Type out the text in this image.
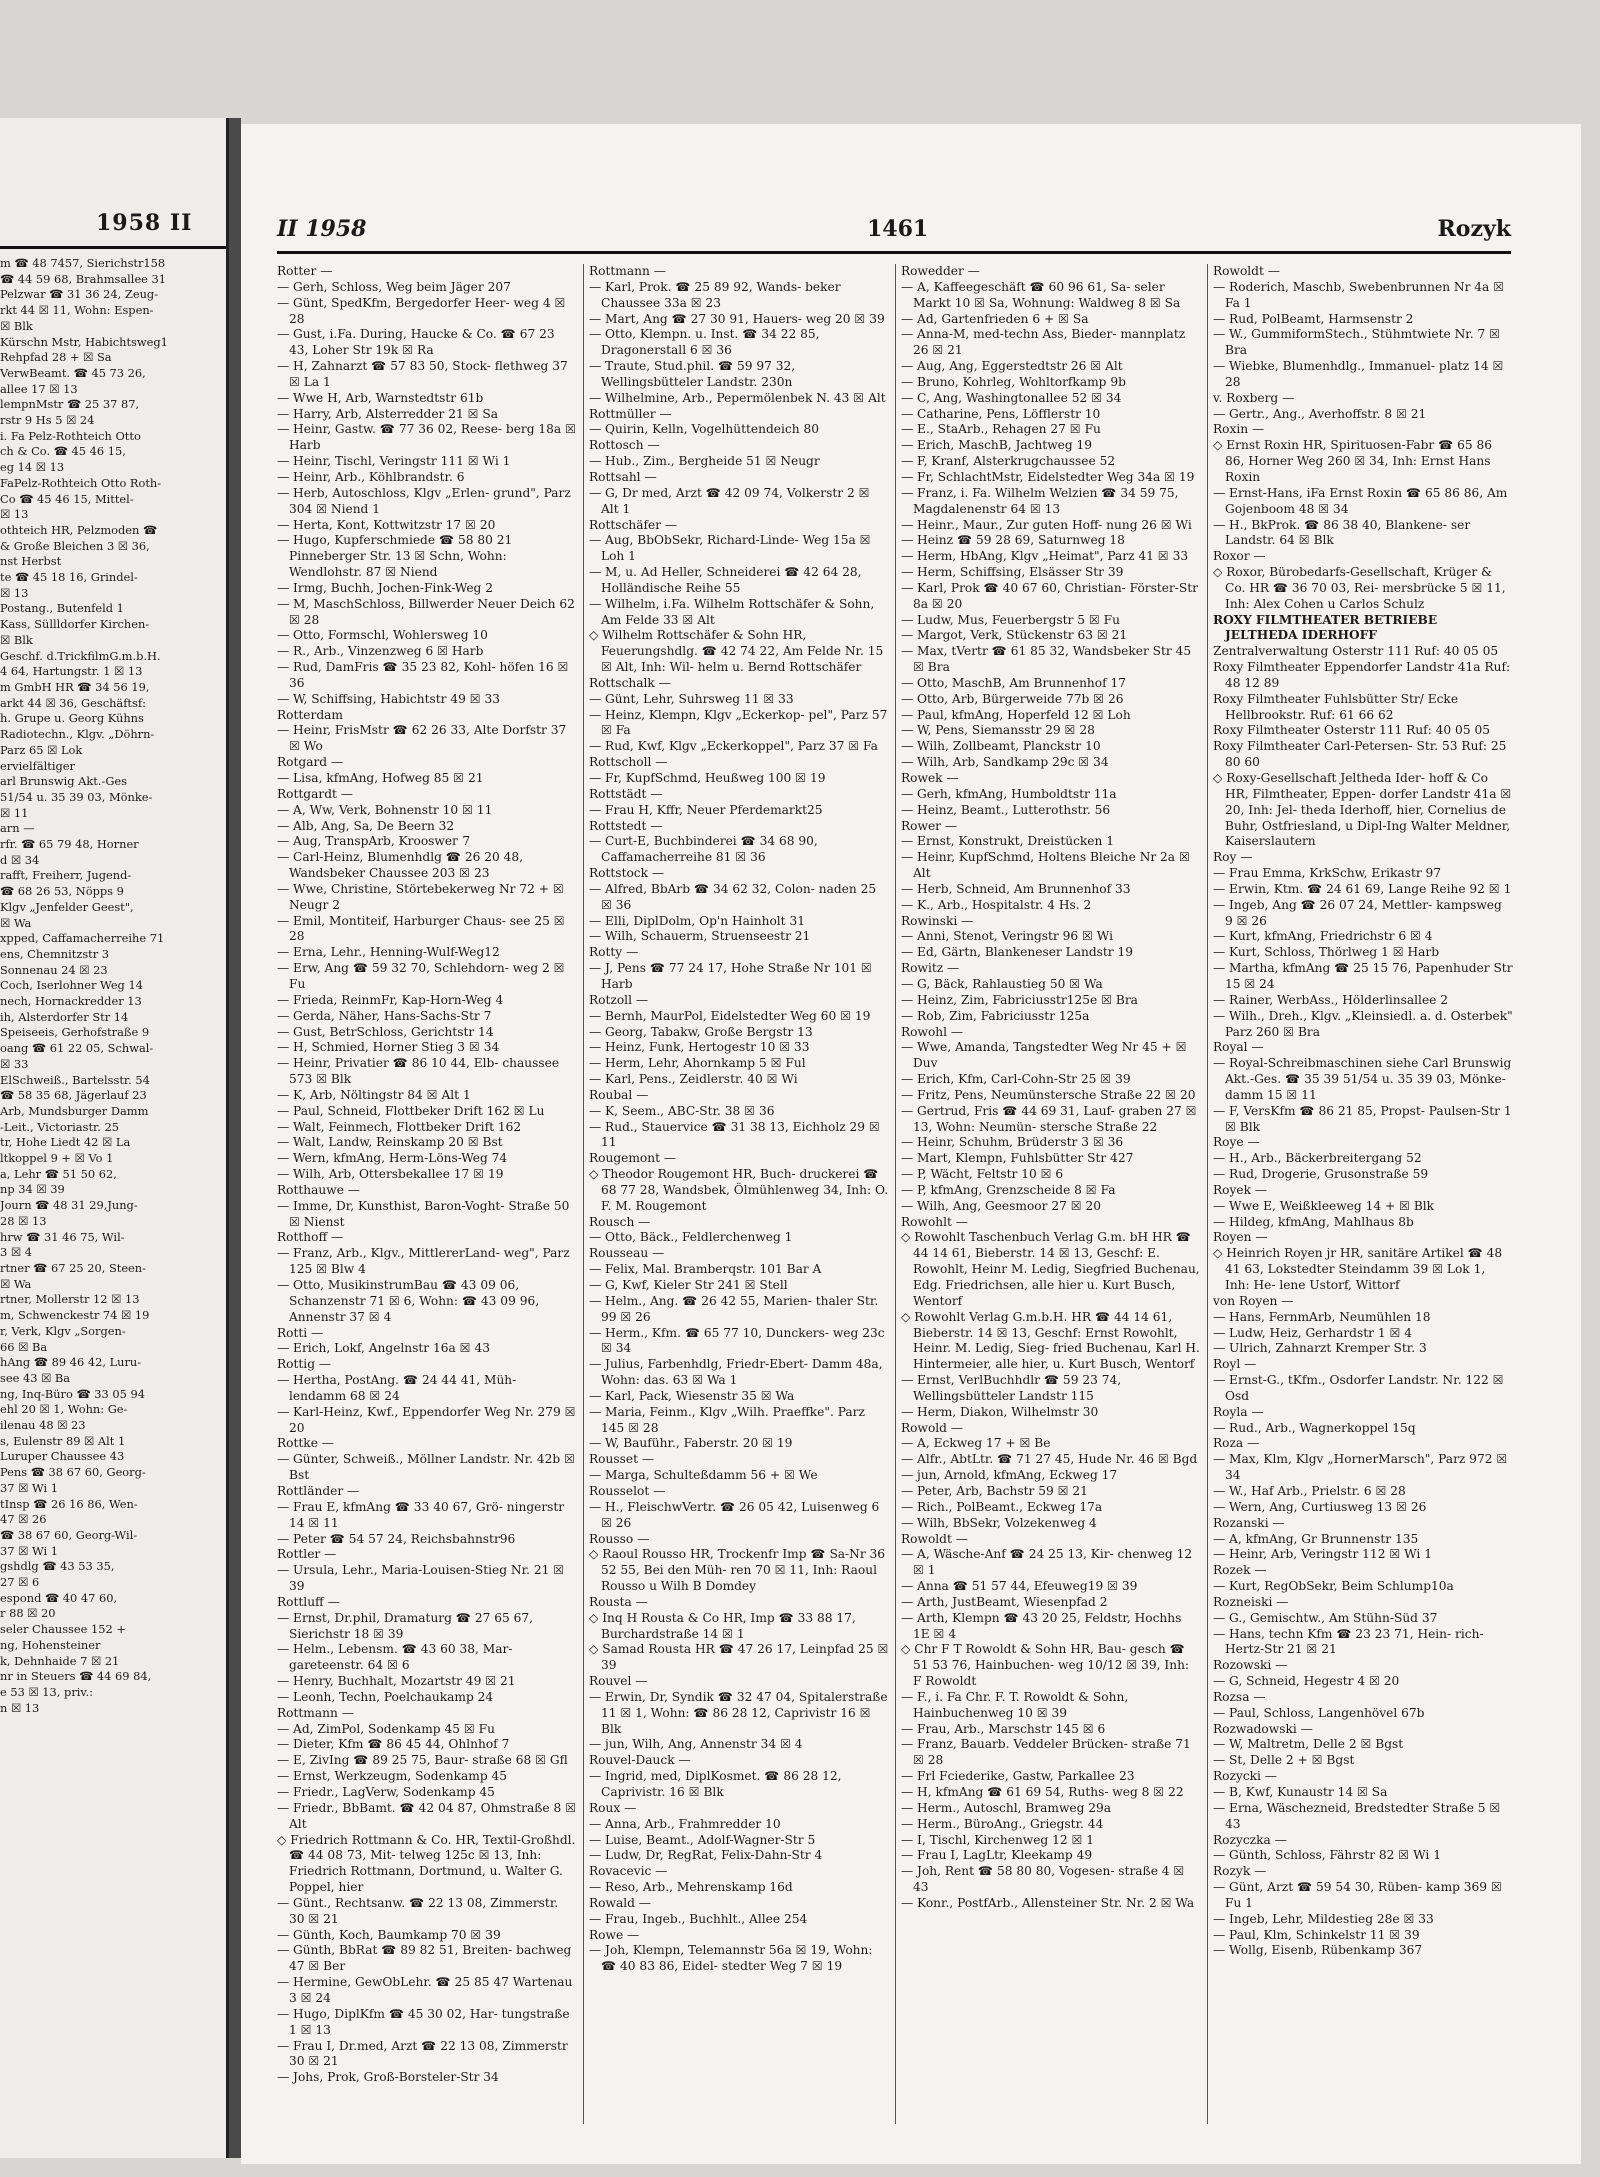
1958 II
m ☎ 48 7457, Sierichstr158
☎ 44 59 68, Brahmsallee 31
Pelzwar ☎ 31 36 24, Zeug-
rkt 44 ☒ 11, Wohn: Espen-
☒ Blk
Kürschn Mstr, Habichtsweg1
Rehpfad 28 + ☒ Sa
VerwBeamt. ☎ 45 73 26,
allee 17 ☒ 13
lempnMstr ☎ 25 37 87,
rstr 9 Hs 5 ☒ 24
i. Fa Pelz-Rothteich Otto
ch & Co. ☎ 45 46 15,
eg 14 ☒ 13
FaPelz-Rothteich Otto Roth-
Co ☎ 45 46 15, Mittel-
☒ 13
othteich HR, Pelzmoden ☎
& Große Bleichen 3 ☒ 36,
nst Herbst
te ☎ 45 18 16, Grindel-
☒ 13
Postang., Butenfeld 1
Kass, Süllldorfer Kirchen-
☒ Blk
Geschf. d.TrickfilmG.m.b.H.
4 64, Hartungstr. 1 ☒ 13
m GmbH HR ☎ 34 56 19,
arkt 44 ☒ 36, Geschäftsf:
h. Grupe u. Georg Kühns
Radiotechn., Klgv. „Döhrn-
Parz 65 ☒ Lok
ervielfältiger
arl Brunswig Akt.-Ges
51/54 u. 35 39 03, Mönke-
☒ 11
arn —
rfr. ☎ 65 79 48, Horner
d ☒ 34
rafft, Freiherr, Jugend-
☎ 68 26 53, Nöpps 9
Klgv „Jenfelder Geest",
☒ Wa
xpped, Caffamacherreihe 71
ens, Chemnitzstr 3
Sonnenau 24 ☒ 23
Coch, Iserlohner Weg 14
nech, Hornackredder 13
ih, Alsterdorfer Str 14
Speiseeis, Gerhofstraße 9
oang ☎ 61 22 05, Schwal-
☒ 33
ElSchweiß., Bartelsstr. 54
☎ 58 35 68, Jägerlauf 23
Arb, Mundsburger Damm
-Leit., Victoriastr. 25
tr, Hohe Liedt 42 ☒ La
ltkoppel 9 + ☒ Vo 1
a, Lehr ☎ 51 50 62,
np 34 ☒ 39
Journ ☎ 48 31 29,Jung-
28 ☒ 13
hrw ☎ 31 46 75, Wil-
3 ☒ 4
rtner ☎ 67 25 20, Steen-
☒ Wa
rtner, Mollerstr 12 ☒ 13
m, Schwenckestr 74 ☒ 19
r, Verk, Klgv „Sorgen-
66 ☒ Ba
hAng ☎ 89 46 42, Luru-
see 43 ☒ Ba
ng, Inq-Büro ☎ 33 05 94
ehl 20 ☒ 1, Wohn: Ge-
ilenau 48 ☒ 23
s, Eulenstr 89 ☒ Alt 1
Luruper Chaussee 43
Pens ☎ 38 67 60, Georg-
37 ☒ Wi 1
tInsp ☎ 26 16 86, Wen-
47 ☒ 26
☎ 38 67 60, Georg-Wil-
37 ☒ Wi 1
gshdlg ☎ 43 53 35,
27 ☒ 6
espond ☎ 40 47 60,
r 88 ☒ 20
seler Chaussee 152 +
ng, Hohensteiner
k, Dehnhaide 7 ☒ 21
nr in Steuers ☎ 44 69 84,
e 53 ☒ 13, priv.:
n ☒ 13
II 1958	1461	Rozyk

Rotter —

— Gerh, Schloss, Weg beim Jäger 207

— Günt, SpedKfm, Bergedorfer Heer- weg 4 ☒ 28

— Gust, i.Fa. During, Haucke & Co. ☎ 67 23 43, Loher Str 19k ☒ Ra

— H, Zahnarzt ☎ 57 83 50, Stock- flethweg 37 ☒ La 1

— Wwe H, Arb, Warnstedtstr 61b

— Harry, Arb, Alsterredder 21 ☒ Sa

— Heinr, Gastw. ☎ 77 36 02, Reese- berg 18a ☒ Harb

— Heinr, Tischl, Veringstr 111 ☒ Wi 1

— Heinr, Arb., Köhlbrandstr. 6

— Herb, Autoschloss, Klgv „Erlen- grund", Parz 304 ☒ Niend 1

— Herta, Kont, Kottwitzstr 17 ☒ 20

— Hugo, Kupferschmiede ☎ 58 80 21 Pinneberger Str. 13 ☒ Schn, Wohn: Wendlohstr. 87 ☒ Niend

— Irmg, Buchh, Jochen-Fink-Weg 2

— M, MaschSchloss, Billwerder Neuer Deich 62 ☒ 28

— Otto, Formschl, Wohlersweg 10

— R., Arb., Vinzenzweg 6 ☒ Harb

— Rud, DamFris ☎ 35 23 82, Kohl- höfen 16 ☒ 36

— W, Schiffsing, Habichtstr 49 ☒ 33

Rotterdam

— Heinr, FrisMstr ☎ 62 26 33, Alte Dorfstr 37 ☒ Wo

Rotgard —

— Lisa, kfmAng, Hofweg 85 ☒ 21

Rottgardt —

— A, Ww, Verk, Bohnenstr 10 ☒ 11

— Alb, Ang, Sa, De Beern 32

— Aug, TranspArb, Krooswег 7

— Carl-Heinz, Blumenhdlg ☎ 26 20 48, Wandsbeker Chaussee 203 ☒ 23

— Wwe, Christine, Störtebekerweg Nr 72 + ☒ Neugr 2

— Emil, Montiteif, Harburger Chaus- see 25 ☒ 28

— Erna, Lehr., Henning-Wulf-Weg12

— Erw, Ang ☎ 59 32 70, Schlehdorn- weg 2 ☒ Fu

— Frieda, ReinmFr, Kap-Horn-Weg 4

— Gerda, Näher, Hans-Sachs-Str 7

— Gust, BetrSchloss, Gerichtstr 14

— H, Schmied, Horner Stieg 3 ☒ 34

— Heinr, Privatier ☎ 86 10 44, Elb- chaussee 573 ☒ Blk

— K, Arb, Nöltingstr 84 ☒ Alt 1

— Paul, Schneid, Flottbeker Drift 162 ☒ Lu

— Walt, Feinmech, Flottbeker Drift 162

— Walt, Landw, Reinskamp 20 ☒ Bst

— Wern, kfmAng, Herm-Löns-Weg 74

— Wilh, Arb, Ottersbekallee 17 ☒ 19

Rotthauwe —

— Imme, Dr, Kunsthist, Baron-Voght- Straße 50 ☒ Nienst

Rotthoff —

— Franz, Arb., Klgv., MittlererLand- weg", Parz 125 ☒ Blw 4

— Otto, MusikinstrumBau ☎ 43 09 06, Schanzenstr 71 ☒ 6, Wohn: ☎ 43 09 96, Annenstr 37 ☒ 4

Rotti —

— Erich, Lokf, Angelnstr 16a ☒ 43

Rottig —

— Hertha, PostAng. ☎ 24 44 41, Müh- lendamm 68 ☒ 24

— Karl-Heinz, Kwf., Eppendorfer Weg Nr. 279 ☒ 20

Rottke —

— Günter, Schweiß., Möllner Landstr. Nr. 42b ☒ Bst

Rottländer —

— Frau E, kfmAng ☎ 33 40 67, Grö- ningerstr 14 ☒ 11

— Peter ☎ 54 57 24, Reichsbahnstr96

Rottler —

— Ursula, Lehr., Maria-Louisen-Stieg Nr. 21 ☒ 39

Rottluff —

— Ernst, Dr.phil, Dramaturg ☎ 27 65 67, Sierichstr 18 ☒ 39

— Helm., Lebensm. ☎ 43 60 38, Mar- gareteenstr. 64 ☒ 6

— Henry, Buchhalt, Mozartstr 49 ☒ 21

— Leonh, Techn, Poelchaukamp 24

Rottmann —

— Ad, ZimPol, Sodenkamp 45 ☒ Fu

— Dieter, Kfm ☎ 86 45 44, Ohlnhof 7

— E, ZivIng ☎ 89 25 75, Baur- straße 68 ☒ Gfl

— Ernst, Werkzeugm, Sodenkamp 45

— Friedr., LagVerw, Sodenkamp 45

— Friedr., BbBamt. ☎ 42 04 87, Ohmstraße 8 ☒ Alt

◇ Friedrich Rottmann & Co. HR, Textil-Großhdl. ☎ 44 08 73, Mit- telweg 125c ☒ 13, Inh: Friedrich Rottmann, Dortmund, u. Walter G. Poppel, hier

— Günt., Rechtsanw. ☎ 22 13 08, Zimmerstr. 30 ☒ 21

— Günth, Koch, Baumkamp 70 ☒ 39

— Günth, BbRat ☎ 89 82 51, Breiten- bachweg 47 ☒ Ber

— Hermine, GewObLehr. ☎ 25 85 47 Wartenau 3 ☒ 24

— Hugo, DiplKfm ☎ 45 30 02, Har- tungstraße 1 ☒ 13

— Frau I, Dr.med, Arzt ☎ 22 13 08, Zimmerstr 30 ☒ 21

— Johs, Prok, Groß-Borsteler-Str 34

Rottmann —

— Karl, Prok. ☎ 25 89 92, Wands- beker Chaussee 33a ☒ 23

— Mart, Ang ☎ 27 30 91, Hauers- weg 20 ☒ 39

— Otto, Klempn. u. Inst. ☎ 34 22 85, Dragonerstall 6 ☒ 36

— Traute, Stud.phil. ☎ 59 97 32, Wellingsbütteler Landstr. 230n

— Wilhelmine, Arb., Pepermölenbek N. 43 ☒ Alt

Rottmüller —

— Quirin, Kelln, Vogelhüttendeich 80

Rottosch —

— Hub., Zim., Bergheide 51 ☒ Neugr

Rottsahl —

— G, Dr med, Arzt ☎ 42 09 74, Volkerstr 2 ☒ Alt 1

Rottschäfer —

— Aug, BbObSekr, Richard-Linde- Weg 15a ☒ Loh 1

— M, u. Ad Heller, Schneiderei ☎ 42 64 28, Holländische Reihe 55

— Wilhelm, i.Fa. Wilhelm Rottschäfer & Sohn, Am Felde 33 ☒ Alt

◇ Wilhelm Rottschäfer & Sohn HR, Feuerungshdlg. ☎ 42 74 22, Am Felde Nr. 15 ☒ Alt, Inh: Wil- helm u. Bernd Rottschäfer

Rottschalk —

— Günt, Lehr, Suhrsweg 11 ☒ 33

— Heinz, Klempn, Klgv „Eckerkop- pel", Parz 57 ☒ Fa

— Rud, Kwf, Klgv „Eckerkoppel", Parz 37 ☒ Fa

Rottscholl —

— Fr, KupfSchmd, Heußweg 100 ☒ 19

Rottstädt —

— Frau H, Kffr, Neuer Pferdemarkt25

Rottstedt —

— Curt-E, Buchbinderei ☎ 34 68 90, Caffamacherreihe 81 ☒ 36

Rottstock —

— Alfred, BbArb ☎ 34 62 32, Colon- naden 25 ☒ 36

— Elli, DiplDolm, Op'n Hainholt 31

— Wilh, Schauerm, Struenseestr 21

Rotty —

— J, Pens ☎ 77 24 17, Hohe Straße Nr 101 ☒ Harb

Rotzoll —

— Bernh, MaurPol, Eidelstedter Weg 60 ☒ 19

— Georg, Tabakw, Große Bergstr 13

— Heinz, Funk, Hertogestr 10 ☒ 33

— Herm, Lehr, Ahornkamp 5 ☒ Ful

— Karl, Pens., Zeidlerstr. 40 ☒ Wi

Roubal —

— K, Seem., ABC-Str. 38 ☒ 36

— Rud., Stauervice ☎ 31 38 13, Eichholz 29 ☒ 11

Rougemont —

◇ Theodor Rougemont HR, Buch- druckerei ☎ 68 77 28, Wandsbek, Ölmühlenweg 34, Inh: O. F. M. Rougemont

Rousch —

— Otto, Bäck., Feldlerchenweg 1

Rousseau —

— Felix, Mal. Bramberqstr. 101 Bar A

— G, Kwf, Kieler Str 241 ☒ Stell

— Helm., Ang. ☎ 26 42 55, Marien- thaler Str. 99 ☒ 26

— Herm., Kfm. ☎ 65 77 10, Dunckers- weg 23c ☒ 34

— Julius, Farbenhdlg, Friedr-Ebert- Damm 48a, Wohn: das. 63 ☒ Wa 1

— Karl, Pack, Wiesenstr 35 ☒ Wa

— Maria, Feinm., Klgv „Wilh. Praeffke". Parz 145 ☒ 28

— W, Bauführ., Faberstr. 20 ☒ 19

Rousset —

— Marga, Schulteßdamm 56 + ☒ We

Rousselot —

— H., FleischwVertr. ☎ 26 05 42, Luisenweg 6 ☒ 26

Rousso —

◇ Raoul Rousso HR, Trockenfr Imp ☎ Sa-Nr 36 52 55, Bei den Müh- ren 70 ☒ 11, Inh: Raoul Rousso u Wilh B Domdey

Rousta —

◇ Inq H Rousta & Co HR, Imp ☎ 33 88 17, Burchardstraße 14 ☒ 1

◇ Samad Rousta HR ☎ 47 26 17, Leinpfad 25 ☒ 39

Rouvel —

— Erwin, Dr, Syndik ☎ 32 47 04, Spitalerstraße 11 ☒ 1, Wohn: ☎ 86 28 12, Caprivistr 16 ☒ Blk

— jun, Wilh, Ang, Annenstr 34 ☒ 4

Rouvel-Dauck —

— Ingrid, med, DiplKosmet. ☎ 86 28 12, Caprivistr. 16 ☒ Blk

Roux —

— Anna, Arb., Frahmredder 10

— Luise, Beamt., Adolf-Wagner-Str 5

— Ludw, Dr, RegRat, Felix-Dahn-Str 4

Rovacevic —

— Reso, Arb., Mehrenskamp 16d

Rowald —

— Frau, Ingeb., Buchhlt., Allee 254

Rowe —

— Joh, Klempn, Telemannstr 56a ☒ 19, Wohn: ☎ 40 83 86, Eidel- stedter Weg 7 ☒ 19

Rowedder —

— A, Kaffeegeschäft ☎ 60 96 61, Sa- seler Markt 10 ☒ Sa, Wohnung: Waldweg 8 ☒ Sa

— Ad, Gartenfrieden 6 + ☒ Sa

— Anna-M, med-techn Ass, Bieder- mannplatz 26 ☒ 21

— Aug, Ang, Eggerstedtstr 26 ☒ Alt

— Bruno, Kohrleg, Wohltorfkamp 9b

— C, Ang, Washingtonallee 52 ☒ 34

— Catharine, Pens, Löfflerstr 10

— E., StaArb., Rehagen 27 ☒ Fu

— Erich, MaschB, Jachtweg 19

— F, Kranf, Alsterkrugchaussee 52

— Fr, SchlachtMstr, Eidelstedter Weg 34a ☒ 19

— Franz, i. Fa. Wilhelm Welzien ☎ 34 59 75, Magdalenenstr 64 ☒ 13

— Heinr., Maur., Zur guten Hoff- nung 26 ☒ Wi

— Heinz ☎ 59 28 69, Saturnweg 18

— Herm, HbAng, Klgv „Heimat", Parz 41 ☒ 33

— Herm, Schiffsing, Elsässer Str 39

— Karl, Prok ☎ 40 67 60, Christian- Förster-Str 8a ☒ 20

— Ludw, Mus, Feuerbergstr 5 ☒ Fu

— Margot, Verk, Stückenstr 63 ☒ 21

— Max, tVertr ☎ 61 85 32, Wandsbeker Str 45 ☒ Bra

— Otto, MaschB, Am Brunnenhof 17

— Otto, Arb, Bürgerweide 77b ☒ 26

— Paul, kfmAng, Hoperfeld 12 ☒ Loh

— W, Pens, Siemansstr 29 ☒ 28

— Wilh, Zollbeamt, Planckstr 10

— Wilh, Arb, Sandkamp 29c ☒ 34

Rowek —

— Gerh, kfmAng, Humboldtstr 11a

— Heinz, Beamt., Lutterothstr. 56

Rower —

— Ernst, Konstrukt, Dreistücken 1

— Heinr, KupfSchmd, Holtens Bleiche Nr 2a ☒ Alt

— Herb, Schneid, Am Brunnenhof 33

— K., Arb., Hospitalstr. 4 Hs. 2

Rowinski —

— Anni, Stenot, Veringstr 96 ☒ Wi

— Ed, Gärtn, Blankeneser Landstr 19

Rowitz —

— G, Bäck, Rahlaustieg 50 ☒ Wa

— Heinz, Zim, Fabriciusstr125e ☒ Bra

— Rob, Zim, Fabriciusstr 125a

Rowohl —

— Wwe, Amanda, Tangstedter Weg Nr 45 + ☒ Duv

— Erich, Kfm, Carl-Cohn-Str 25 ☒ 39

— Fritz, Pens, Neumünstersche Straße 22 ☒ 20

— Gertrud, Fris ☎ 44 69 31, Lauf- graben 27 ☒ 13, Wohn: Neumün- stersche Straße 22

— Heinr, Schuhm, Brüderstr 3 ☒ 36

— Mart, Klempn, Fuhlsbütter Str 427

— P, Wächt, Feltstr 10 ☒ 6

— P, kfmAng, Grenzscheide 8 ☒ Fa

— Wilh, Ang, Geesmoor 27 ☒ 20

Rowohlt —

◇ Rowohlt Taschenbuch Verlag G.m. bH HR ☎ 44 14 61, Bieberstr. 14 ☒ 13, Geschf: E. Rowohlt, Heinr M. Ledig, Siegfried Buchenau, Edg. Friedrichsen, alle hier u. Kurt Busch, Wentorf

◇ Rowohlt Verlag G.m.b.H. HR ☎ 44 14 61, Bieberstr. 14 ☒ 13, Geschf: Ernst Rowohlt, Heinr. M. Ledig, Sieg- fried Buchenau, Karl H. Hintermeier, alle hier, u. Kurt Busch, Wentorf

— Ernst, VerlBuchhdlr ☎ 59 23 74, Wellingsbütteler Landstr 115

— Herm, Diakon, Wilhelmstr 30

Rowold —

— A, Eckweg 17 + ☒ Be

— Alfr., AbtLtr. ☎ 71 27 45, Hude Nr. 46 ☒ Bgd

— jun, Arnold, kfmAng, Eckweg 17

— Peter, Arb, Bachstr 59 ☒ 21

— Rich., PolBeamt., Eckweg 17a

— Wilh, BbSekr, Volzekenweg 4

Rowoldt —

— A, Wäsche-Anf ☎ 24 25 13, Kir- chenweg 12 ☒ 1

— Anna ☎ 51 57 44, Efeuweg19 ☒ 39

— Arth, JustBeamt, Wiesenpfad 2

— Arth, Klempn ☎ 43 20 25, Feldstr, Hochhs 1E ☒ 4

◇ Chr F T Rowoldt & Sohn HR, Bau- gesch ☎ 51 53 76, Hainbuchen- weg 10/12 ☒ 39, Inh: F Rowoldt

— F., i. Fa Chr. F. T. Rowoldt & Sohn, Hainbuchenweg 10 ☒ 39

— Frau, Arb., Marschstr 145 ☒ 6

— Franz, Bauarb. Veddeler Brücken- straße 71 ☒ 28

— Frl Fciederike, Gastw, Parkallee 23

— H, kfmAng ☎ 61 69 54, Ruths- weg 8 ☒ 22

— Herm., Autoschl, Bramweg 29a

— Herm., BüroAng., Griegstr. 44

— I, Tischl, Kirchenweg 12 ☒ 1

— Frau I, LagLtr, Kleekamp 49

— Joh, Rent ☎ 58 80 80, Vogesen- straße 4 ☒ 43

— Konr., PostfArb., Allensteiner Str. Nr. 2 ☒ Wa

Rowoldt —

— Roderich, Maschb, Swebenbrunnen Nr 4a ☒ Fa 1

— Rud, PolBeamt, Harmsenstr 2

— W., GummiformStech., Stühmtwiete Nr. 7 ☒ Bra

— Wiebke, Blumenhdlg., Immanuel- platz 14 ☒ 28

v. Roxberg —

— Gertr., Ang., Averhoffstr. 8 ☒ 21

Roxin —

◇ Ernst Roxin HR, Spirituosen-Fabr ☎ 65 86 86, Horner Weg 260 ☒ 34, Inh: Ernst Hans Roxin

— Ernst-Hans, iFa Ernst Roxin ☎ 65 86 86, Am Gojenboom 48 ☒ 34

— H., BkProk. ☎ 86 38 40, Blankene- ser Landstr. 64 ☒ Blk

Roxor —

◇ Roxor, Bürobedarfs-Gesellschaft, Krüger & Co. HR ☎ 36 70 03, Rei- mersbrücke 5 ☒ 11, Inh: Alex Cohen u Carlos Schulz

ROXY FILMTHEATER BETRIEBE JELTHEDA IDERHOFF

Zentralverwaltung Osterstr 111 Ruf: 40 05 05

Roxy Filmtheater Eppendorfer Landstr 41a Ruf: 48 12 89

Roxy Filmtheater Fuhlsbütter Str/ Ecke Hellbrookstr. Ruf: 61 66 62

Roxy Filmtheater Osterstr 111 Ruf: 40 05 05

Roxy Filmtheater Carl-Petersen- Str. 53 Ruf: 25 80 60

◇ Roxy-Gesellschaft Jeltheda Ider- hoff & Co HR, Filmtheater, Eppen- dorfer Landstr 41a ☒ 20, Inh: Jel- theda Iderhoff, hier, Cornelius de Buhr, Ostfriesland, u Dipl-Ing Walter Meldner, Kaiserslautern

Roy —

— Frau Emma, KrkSchw, Erikastr 97

— Erwin, Ktm. ☎ 24 61 69, Lange Reihe 92 ☒ 1

— Ingeb, Ang ☎ 26 07 24, Mettler- kampsweg 9 ☒ 26

— Kurt, kfmAng, Friedrichstr 6 ☒ 4

— Kurt, Schloss, Thörlweg 1 ☒ Harb

— Martha, kfmAng ☎ 25 15 76, Papenhuder Str 15 ☒ 24

— Rainer, WerbAss., Hölderlinsallee 2

— Wilh., Dreh., Klgv. „Kleinsiedl. a. d. Osterbek" Parz 260 ☒ Bra

Royal —

— Royal-Schreibmaschinen siehe Carl Brunswig Akt.-Ges. ☎ 35 39 51/54 u. 35 39 03, Mönke- damm 15 ☒ 11

— F, VersKfm ☎ 86 21 85, Propst- Paulsen-Str 1 ☒ Blk

Roye —

— H., Arb., Bäckerbreitergang 52

— Rud, Drogerie, Grusonstraße 59

Royek —

— Wwe E, Weißkleeweg 14 + ☒ Blk

— Hildeg, kfmAng, Mahlhaus 8b

Royen —

◇ Heinrich Royen jr HR, sanitäre Artikel ☎ 48 41 63, Lokstedter Steindamm 39 ☒ Lok 1, Inh: He- lene Ustorf, Wittorf

von Royen —

— Hans, FernmArb, Neumühlen 18

— Ludw, Heiz, Gerhardstr 1 ☒ 4

— Ulrich, Zahnarzt Kremper Str. 3

Royl —

— Ernst-G., tKfm., Osdorfer Landstr. Nr. 122 ☒ Osd

Royla —

— Rud., Arb., Wagnerkoppel 15q

Roza —

— Max, Klm, Klgv „HornerMarsch", Parz 972 ☒ 34

— W., Haf Arb., Prielstr. 6 ☒ 28

— Wern, Ang, Curtiusweg 13 ☒ 26

Rozanski —

— A, kfmAng, Gr Brunnenstr 135

— Heinr, Arb, Veringstr 112 ☒ Wi 1

Rozek —

— Kurt, RegObSekr, Beim Schlump10a

Rozneiski —

— G., Gemischtw., Am Stühn-Süd 37

— Hans, techn Kfm ☎ 23 23 71, Hein- rich-Hertz-Str 21 ☒ 21

Rozowski —

— G, Schneid, Hegestr 4 ☒ 20

Rozsa —

— Paul, Schloss, Langenhövel 67b

Rozwadowski —

— W, Maltretm, Delle 2 ☒ Bgst

— St, Delle 2 + ☒ Bgst

Rozycki —

— B, Kwf, Kunaustr 14 ☒ Sa

— Erna, Wäschezneid, Bredstedter Straße 5 ☒ 43

Rozyczka —

— Günth, Schloss, Fährstr 82 ☒ Wi 1

Rozyk —

— Günt, Arzt ☎ 59 54 30, Rüben- kamp 369 ☒ Fu 1

— Ingeb, Lehr, Mildestieg 28e ☒ 33

— Paul, Klm, Schinkelstr 11 ☒ 39

— Wollg, Eisenb, Rübenkamp 367
